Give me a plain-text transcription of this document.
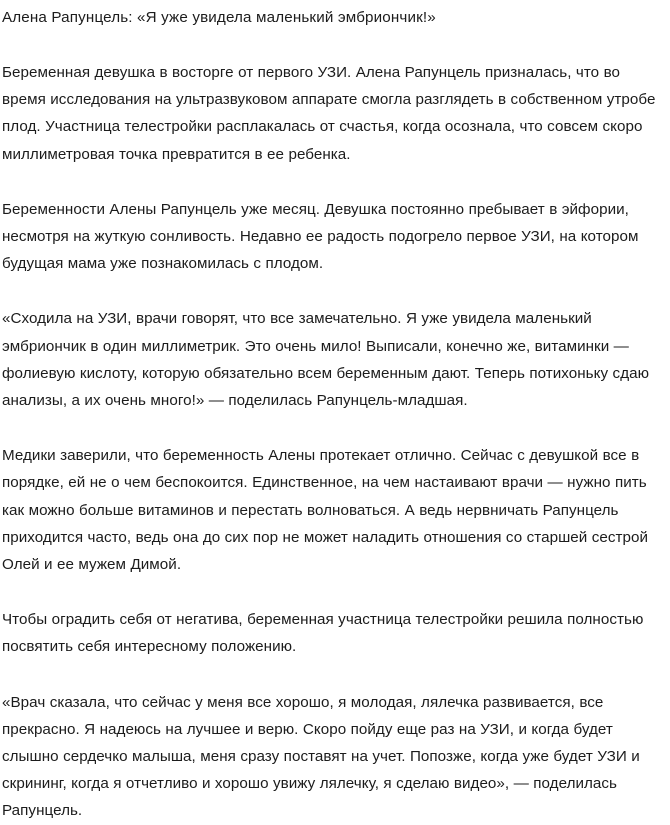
Алена Рапунцель: «Я уже увидела маленький эмбриончик!»

Беременная девушка в восторге от первого УЗИ. Алена Рапунцель призналась, что во время исследования на ультразвуковом аппарате смогла разглядеть в собственном утробе плод. Участница телестройки расплакалась от счастья, когда осознала, что совсем скоро миллиметровая точка превратится в ее ребенка.

Беременности Алены Рапунцель уже месяц. Девушка постоянно пребывает в эйфории, несмотря на жуткую сонливость. Недавно ее радость подогрело первое УЗИ, на котором будущая мама уже познакомилась с плодом.

«Сходила на УЗИ, врачи говорят, что все замечательно. Я уже увидела маленький эмбриончик в один миллиметрик. Это очень мило! Выписали, конечно же, витаминки — фолиевую кислоту, которую обязательно всем беременным дают. Теперь потихоньку сдаю анализы, а их очень много!» — поделилась Рапунцель-младшая.

Медики заверили, что беременность Алены протекает отлично. Сейчас с девушкой все в порядке, ей не о чем беспокоится. Единственное, на чем настаивают врачи — нужно пить как можно больше витаминов и перестать волноваться. А ведь нервничать Рапунцель приходится часто, ведь она до сих пор не может наладить отношения со старшей сестрой Олей и ее мужем Димой.

Чтобы оградить себя от негатива, беременная участница телестройки решила полностью посвятить себя интересному положению.

«Врач сказала, что сейчас у меня все хорошо, я молодая, лялечка развивается, все прекрасно. Я надеюсь на лучшее и верю. Скоро пойду еще раз на УЗИ, и когда будет слышно сердечко малыша, меня сразу поставят на учет. Попозже, когда уже будет УЗИ и скрининг, когда я отчетливо и хорошо увижу лялечку, я сделаю видео», — поделилась Рапунцель.
